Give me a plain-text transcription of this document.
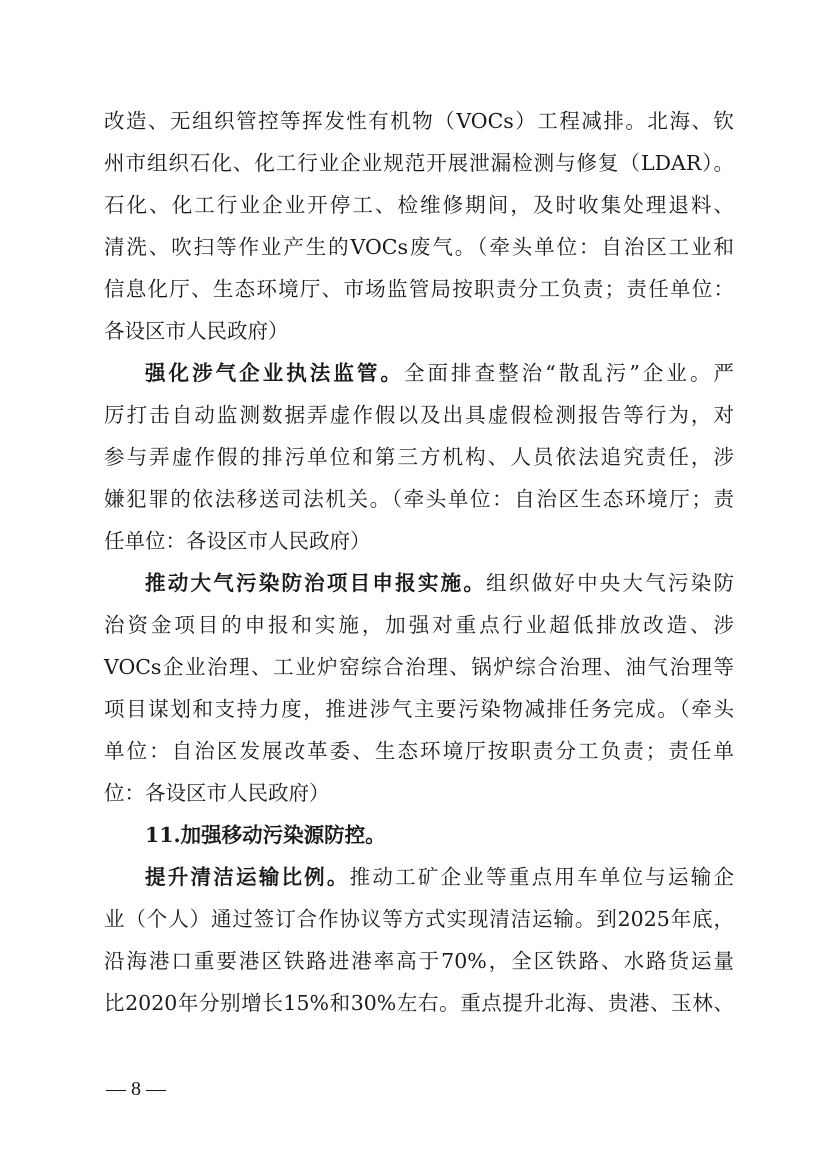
改造、无组织管控等挥发性有机物（VOCs）工程减排。北海、钦
州市组织石化、化工行业企业规范开展泄漏检测与修复（LDAR）。
石化、化工行业企业开停工、检维修期间，及时收集处理退料、
清洗、吹扫等作业产生的VOCs废气。（牵头单位：自治区工业和
信息化厅、生态环境厅、市场监管局按职责分工负责；责任单位：
各设区市人民政府）
强化涉气企业执法监管。全面排查整治“散乱污”企业。严
厉打击自动监测数据弄虚作假以及出具虚假检测报告等行为，对
参与弄虚作假的排污单位和第三方机构、人员依法追究责任，涉
嫌犯罪的依法移送司法机关。（牵头单位：自治区生态环境厅；责
任单位：各设区市人民政府）
推动大气污染防治项目申报实施。组织做好中央大气污染防
治资金项目的申报和实施，加强对重点行业超低排放改造、涉
VOCs企业治理、工业炉窑综合治理、锅炉综合治理、油气治理等
项目谋划和支持力度，推进涉气主要污染物减排任务完成。（牵头
单位：自治区发展改革委、生态环境厅按职责分工负责；责任单
位：各设区市人民政府）
11.加强移动污染源防控。
提升清洁运输比例。推动工矿企业等重点用车单位与运输企
业（个人）通过签订合作协议等方式实现清洁运输。到2025年底，
沿海港口重要港区铁路进港率高于70%，全区铁路、水路货运量
比2020年分别增长15%和30%左右。重点提升北海、贵港、玉林、
— 8 —
